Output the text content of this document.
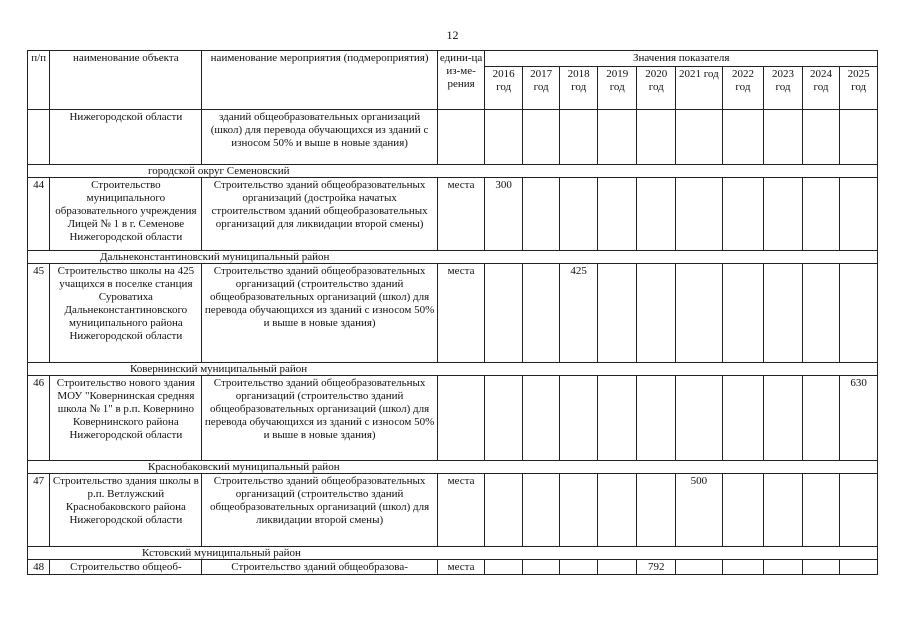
12
п/п	наименование объекта	наименование мероприятия (подмероприятия)	едини-ца из-ме-рения	Значения показателя									
				2016 год	2017 год	2018 год	2019 год	2020 год	2021 год	2022 год	2023 год	2024 год	2025 год
	Нижегородской области	зданий общеобразовательных организаций (школ) для перевода обучающихся из зданий с износом 50% и выше в новые здания)											
городской округ Семеновский													
44	Строительство муниципального образовательного учреждения Лицей № 1 в г. Семенове Нижегородской области	Строительство зданий общеобразовательных организаций (достройка начатых строительством зданий общеобразовательных организаций для ликвидации второй смены)	места	300									
Дальнеконстантиновский муниципальный район													
45	Строительство школы на 425 учащихся в поселке станция Суроватиха Дальнеконстантиновского муниципального района Нижегородской области	Строительство зданий общеобразовательных организаций (строительство зданий общеобразовательных организаций (школ) для перевода обучающихся из зданий с износом 50% и выше в новые здания)	места			425							
Ковернинский муниципальный район													
46	Строительство нового здания МОУ "Ковернинская средняя школа № 1" в р.п. Ковернино Ковернинского района Нижегородской области	Строительство зданий общеобразовательных организаций (строительство зданий общеобразовательных организаций (школ) для перевода обучающихся из зданий с износом 50% и выше в новые здания)											630
Краснобаковский муниципальный район													
47	Строительство здания школы в р.п. Ветлужский Краснобаковского района Нижегородской области	Строительство зданий общеобразовательных организаций (строительство зданий общеобразовательных организаций (школ) для ликвидации второй смены)	места						500				
Кстовский муниципальный район													
48	Строительство общеоб-	Строительство зданий общеобразова-	места					792					
